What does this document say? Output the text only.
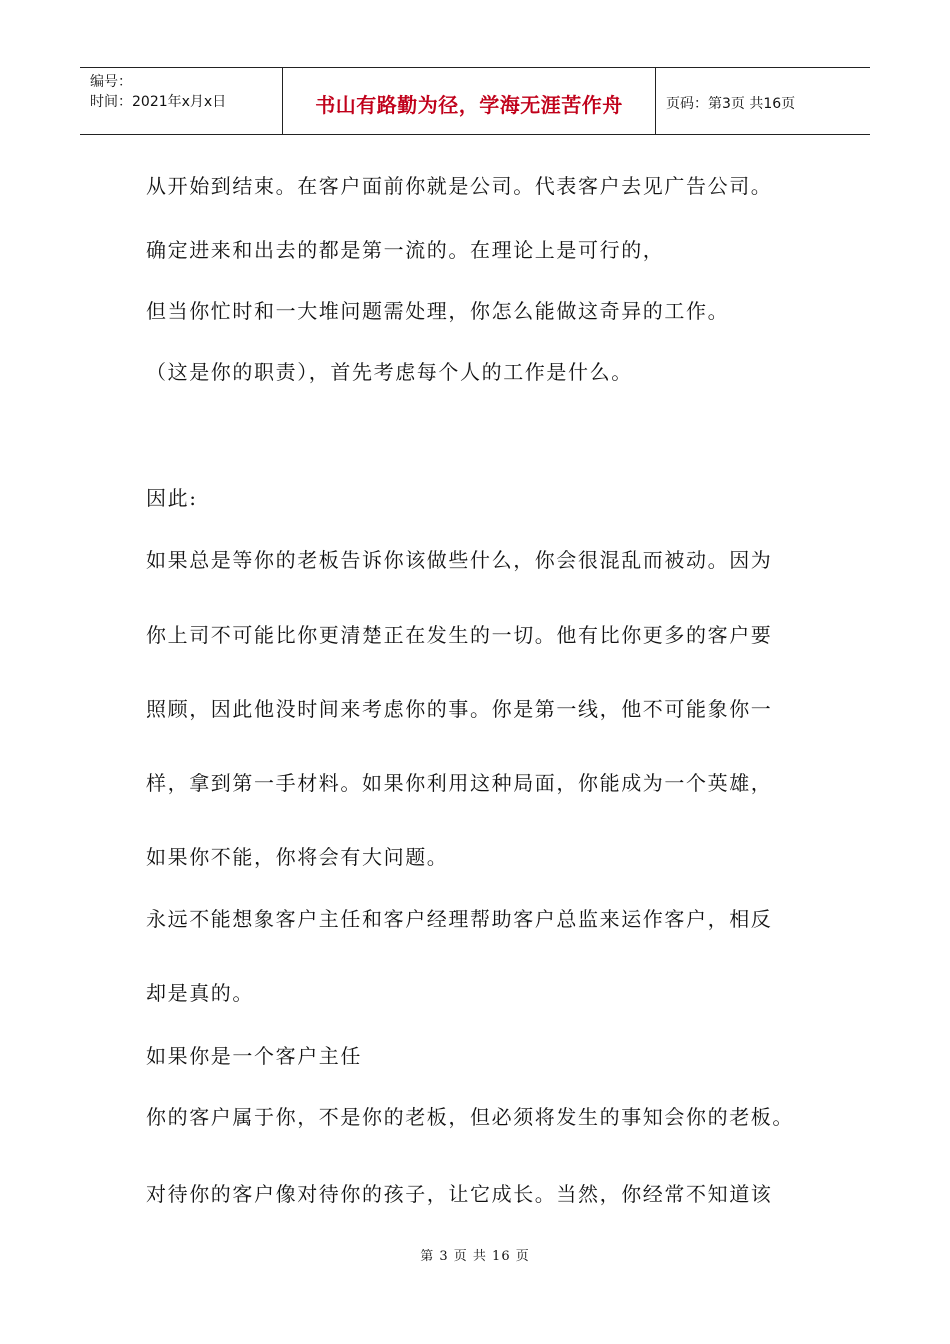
编号：
时间：2021年x月x日	书山有路勤为径，学海无涯苦作舟	页码：第3页 共16页

从开始到结束。在客户面前你就是公司。代表客户去见广告公司。

确定进来和出去的都是第一流的。在理论上是可行的，

但当你忙时和一大堆问题需处理，你怎么能做这奇异的工作。

（这是你的职责），首先考虑每个人的工作是什么。

因此:

如果总是等你的老板告诉你该做些什么，你会很混乱而被动。因为

你上司不可能比你更清楚正在发生的一切。他有比你更多的客户要

照顾，因此他没时间来考虑你的事。你是第一线，他不可能象你一

样，拿到第一手材料。如果你利用这种局面，你能成为一个英雄，

如果你不能，你将会有大问题。

永远不能想象客户主任和客户经理帮助客户总监来运作客户，相反

却是真的。

如果你是一个客户主任

你的客户属于你，不是你的老板，但必须将发生的事知会你的老板。

对待你的客户像对待你的孩子，让它成长。当然，你经常不知道该

第 3 页 共 16 页
